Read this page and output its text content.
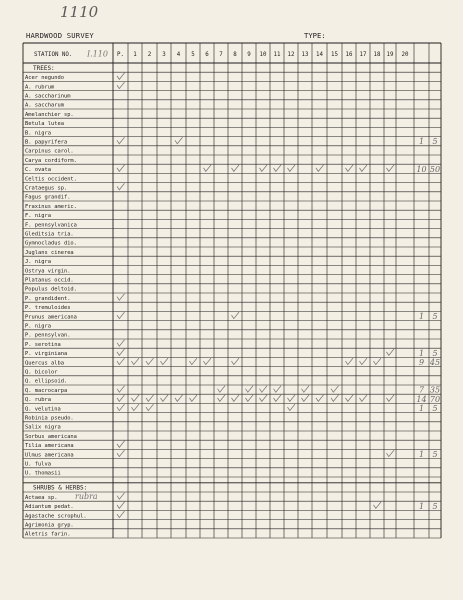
1110
HARDWOOD SURVEY	TYPE:
STATION NO. I.110 P. 1 2 3 4 5 6 7 8 9 10 11 12 13 14 15 16 17 18 19 20
TREES:
Acer negundo
A. rubrum
A. saccharinum
A. saccharum
Amelanchier sp.
Betula lutea
B. nigra
B. papyrifera
Carpinus carol.
Carya cordiform.
C. ovata
Celtis occident.
Crataegus sp.
Fagus grandif.
Fraxinus americ.
F. nigra
F. pennsylvanica
Gleditsia tria.
Gymnocladus dio.
Juglans cinerea
J. nigra
Ostrya virgin.
Platanus occid.
Populus deltoid.
P. grandident.
P. tremuloides
Prunus americana
P. nigra
P. pennsylvan.
P. serotina
P. virginiana
Quercus alba
Q. bicolor
Q. ellipsoid.
Q. macrocarpa
Q. rubra
Q. velutina
Robinia pseudo.
Salix nigra
Sorbus americana
Tilia americana
Ulmus americana
U. fulva
U. thomasii
SHRUBS & HERBS:
Actaea sp. rubra
Adiantum pedat.
Agastache scrophul.
Agrimonia gryp.
Aletris farin.
1 5
10 50
1 5
1 5
9 45
7 35
14 70
1 5
1 5
1 5
